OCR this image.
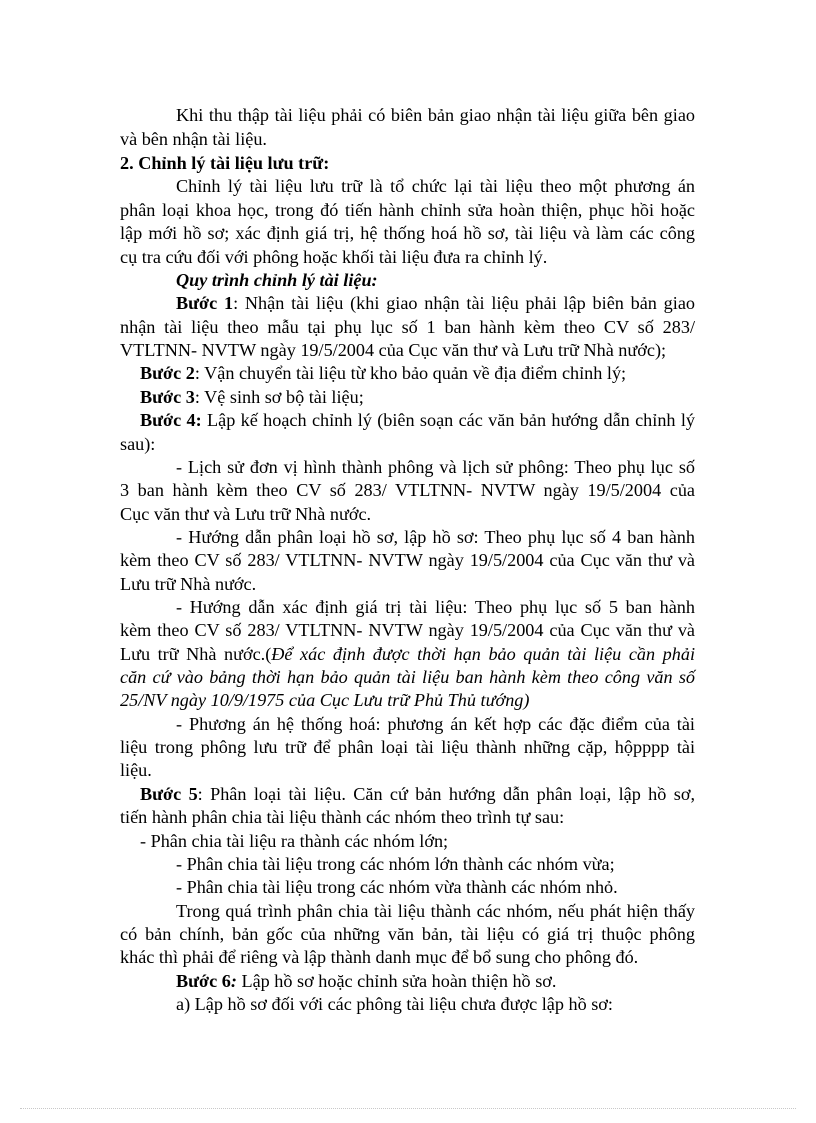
Khi thu thập tài liệu phải có biên bản giao nhận tài liệu giữa bên giao

và bên nhận tài liệu.

2. Chỉnh lý tài liệu lưu trữ:

Chỉnh lý tài liệu lưu trữ là tổ chức lại tài liệu theo một phương án

phân loại khoa học, trong đó tiến hành chỉnh sửa hoàn thiện, phục hồi hoặc

lập mới hồ sơ; xác định giá trị, hệ thống hoá hồ sơ, tài liệu và làm các công

cụ tra cứu đối với phông hoặc khối tài liệu đưa ra chỉnh lý.

Quy trình chỉnh lý tài liệu:

Bước 1: Nhận tài liệu (khi giao nhận tài liệu phải lập biên bản giao

nhận tài liệu theo mẫu tại phụ lục số 1 ban hành kèm theo CV số 283/

VTLTNN- NVTW ngày 19/5/2004 của Cục văn thư và Lưu trữ Nhà nước);

Bước 2: Vận chuyển tài liệu từ kho bảo quản về địa điểm chỉnh lý;

Bước 3: Vệ sinh sơ bộ tài liệu;

Bước 4: Lập kế hoạch chỉnh lý (biên soạn các văn bản hướng dẫn chỉnh lý

sau):

- Lịch sử đơn vị hình thành phông và lịch sử phông: Theo phụ lục số

3 ban hành kèm theo CV số 283/ VTLTNN- NVTW ngày 19/5/2004 của

Cục văn thư và Lưu trữ Nhà nước.

- Hướng dẫn phân loại hồ sơ, lập hồ sơ: Theo phụ lục số 4 ban hành

kèm theo CV số 283/ VTLTNN- NVTW ngày 19/5/2004 của Cục văn thư và

Lưu trữ Nhà nước.

- Hướng dẫn xác định giá trị tài liệu: Theo phụ lục số 5 ban hành

kèm theo CV số 283/ VTLTNN- NVTW ngày 19/5/2004 của Cục văn thư và

Lưu trữ Nhà nước.(Để xác định được thời hạn bảo quản tài liệu cần phải

căn cứ vào bảng thời hạn bảo quản tài liệu ban hành kèm theo công văn số

25/NV ngày 10/9/1975 của Cục Lưu trữ Phủ Thủ tướng)

- Phương án hệ thống hoá: phương án kết hợp các đặc điểm của tài

liệu trong phông lưu trữ để phân loại tài liệu thành những cặp, hộpppp tài

liệu.

Bước 5: Phân loại tài liệu. Căn cứ bản hướng dẫn phân loại, lập hồ sơ,

tiến hành phân chia tài liệu thành các nhóm theo trình tự sau:

- Phân chia tài liệu ra thành các nhóm lớn;

- Phân chia tài liệu trong các nhóm lớn thành các nhóm vừa;

- Phân chia tài liệu trong các nhóm vừa thành các nhóm nhỏ.

Trong quá trình phân chia tài liệu thành các nhóm, nếu phát hiện thấy

có bản chính, bản gốc của những văn bản, tài liệu có giá trị thuộc phông

khác thì phải để riêng và lập thành danh mục để bổ sung cho phông đó.

Bước 6: Lập hồ sơ hoặc chỉnh sửa hoàn thiện hồ sơ.

a) Lập hồ sơ đối với các phông tài liệu chưa được lập hồ sơ:
